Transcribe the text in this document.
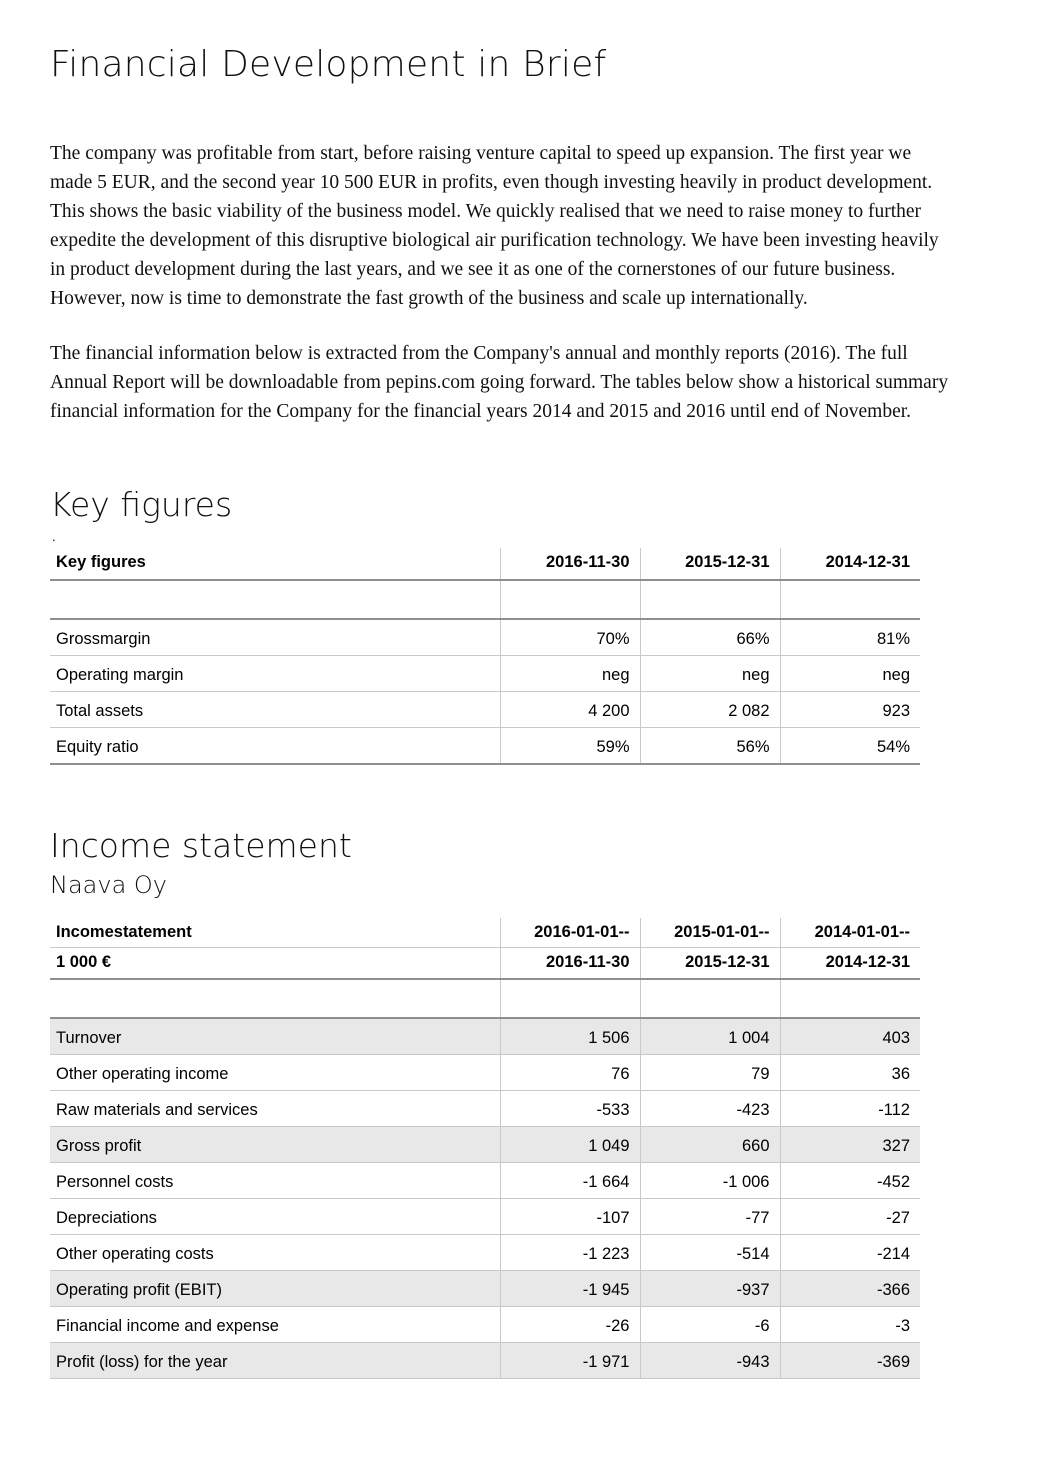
Financial Development in Brief

The company was profitable from start, before raising venture capital to speed up expansion. The first year we made 5 EUR, and the second year 10 500 EUR in profits, even though investing heavily in product development. This shows the basic viability of the business model. We quickly realised that we need to raise money to further expedite the development of this disruptive biological air purification technology. We have been investing heavily in product development during the last years, and we see it as one of the cornerstones of our future business. However, now is time to demonstrate the fast growth of the business and scale up internationally.

The financial information below is extracted from the Company's annual and monthly reports (2016). The full Annual Report will be downloadable from pepins.com going forward. The tables below show a historical summary financial information for the Company for the financial years 2014 and 2015 and 2016 until end of November.

Key figures
.
Key figures	2016-11-30	2015-12-31	2014-12-31

Grossmargin	70%	66%	81%
Operating margin	neg	neg	neg
Total assets	4 200	2 082	923
Equity ratio	59%	56%	54%
Income statement
Naava Oy
Incomestatement	2016-01-01--	2015-01-01--	2014-01-01--
1 000 €	2016-11-30	2015-12-31	2014-12-31

Turnover	1 506	1 004	403
Other operating income	76	79	36
Raw materials and services	-533	-423	-112
Gross profit	1 049	660	327
Personnel costs	-1 664	-1 006	-452
Depreciations	-107	-77	-27
Other operating costs	-1 223	-514	-214
Operating profit (EBIT)	-1 945	-937	-366
Financial income and expense	-26	-6	-3
Profit (loss) for the year	-1 971	-943	-369
